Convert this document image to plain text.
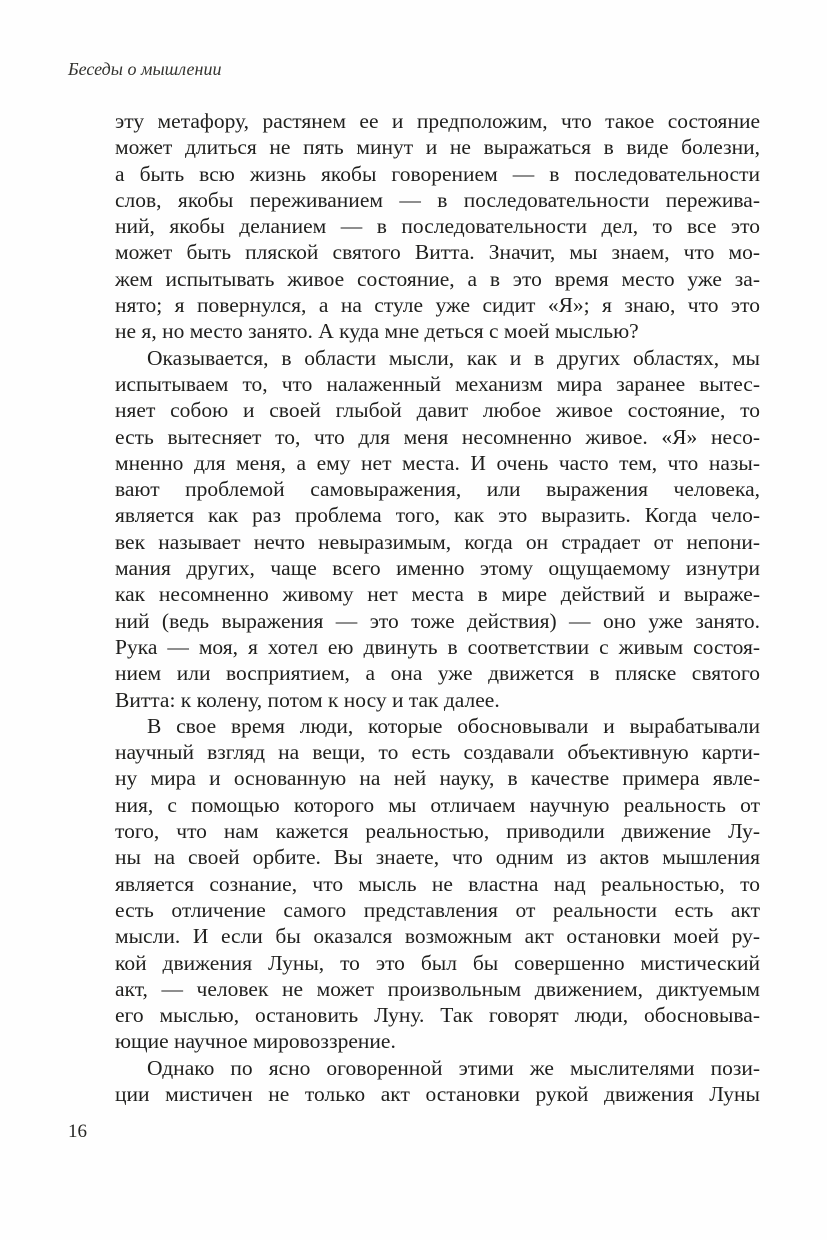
Беседы о мышлении
эту метафору, растянем ее и предположим, что такое состояние
может длиться не пять минут и не выражаться в виде болезни,
а быть всю жизнь якобы говорением — в последовательности
слов, якобы переживанием — в последовательности пережива-
ний, якобы деланием — в последовательности дел, то все это
может быть пляской святого Витта. Значит, мы знаем, что мо-
жем испытывать живое состояние, а в это время место уже за-
нято; я повернулся, а на стуле уже сидит «Я»; я знаю, что это
не я, но место занято. А куда мне деться с моей мыслью?
Оказывается, в области мысли, как и в других областях, мы
испытываем то, что налаженный механизм мира заранее вытес-
няет собою и своей глыбой давит любое живое состояние, то
есть вытесняет то, что для меня несомненно живое. «Я» несо-
мненно для меня, а ему нет места. И очень часто тем, что назы-
вают проблемой самовыражения, или выражения человека,
является как раз проблема того, как это выразить. Когда чело-
век называет нечто невыразимым, когда он страдает от непони-
мания других, чаще всего именно этому ощущаемому изнутри
как несомненно живому нет места в мире действий и выраже-
ний (ведь выражения — это тоже действия) — оно уже занято.
Рука — моя, я хотел ею двинуть в соответствии с живым состоя-
нием или восприятием, а она уже движется в пляске святого
Витта: к колену, потом к носу и так далее.
В свое время люди, которые обосновывали и вырабатывали
научный взгляд на вещи, то есть создавали объективную карти-
ну мира и основанную на ней науку, в качестве примера явле-
ния, с помощью которого мы отличаем научную реальность от
того, что нам кажется реальностью, приводили движение Лу-
ны на своей орбите. Вы знаете, что одним из актов мышления
является сознание, что мысль не властна над реальностью, то
есть отличение самого представления от реальности есть акт
мысли. И если бы оказался возможным акт остановки моей ру-
кой движения Луны, то это был бы совершенно мистический
акт, — человек не может произвольным движением, диктуемым
его мыслью, остановить Луну. Так говорят люди, обосновыва-
ющие научное мировоззрение.
Однако по ясно оговоренной этими же мыслителями пози-
ции мистичен не только акт остановки рукой движения Луны
16
